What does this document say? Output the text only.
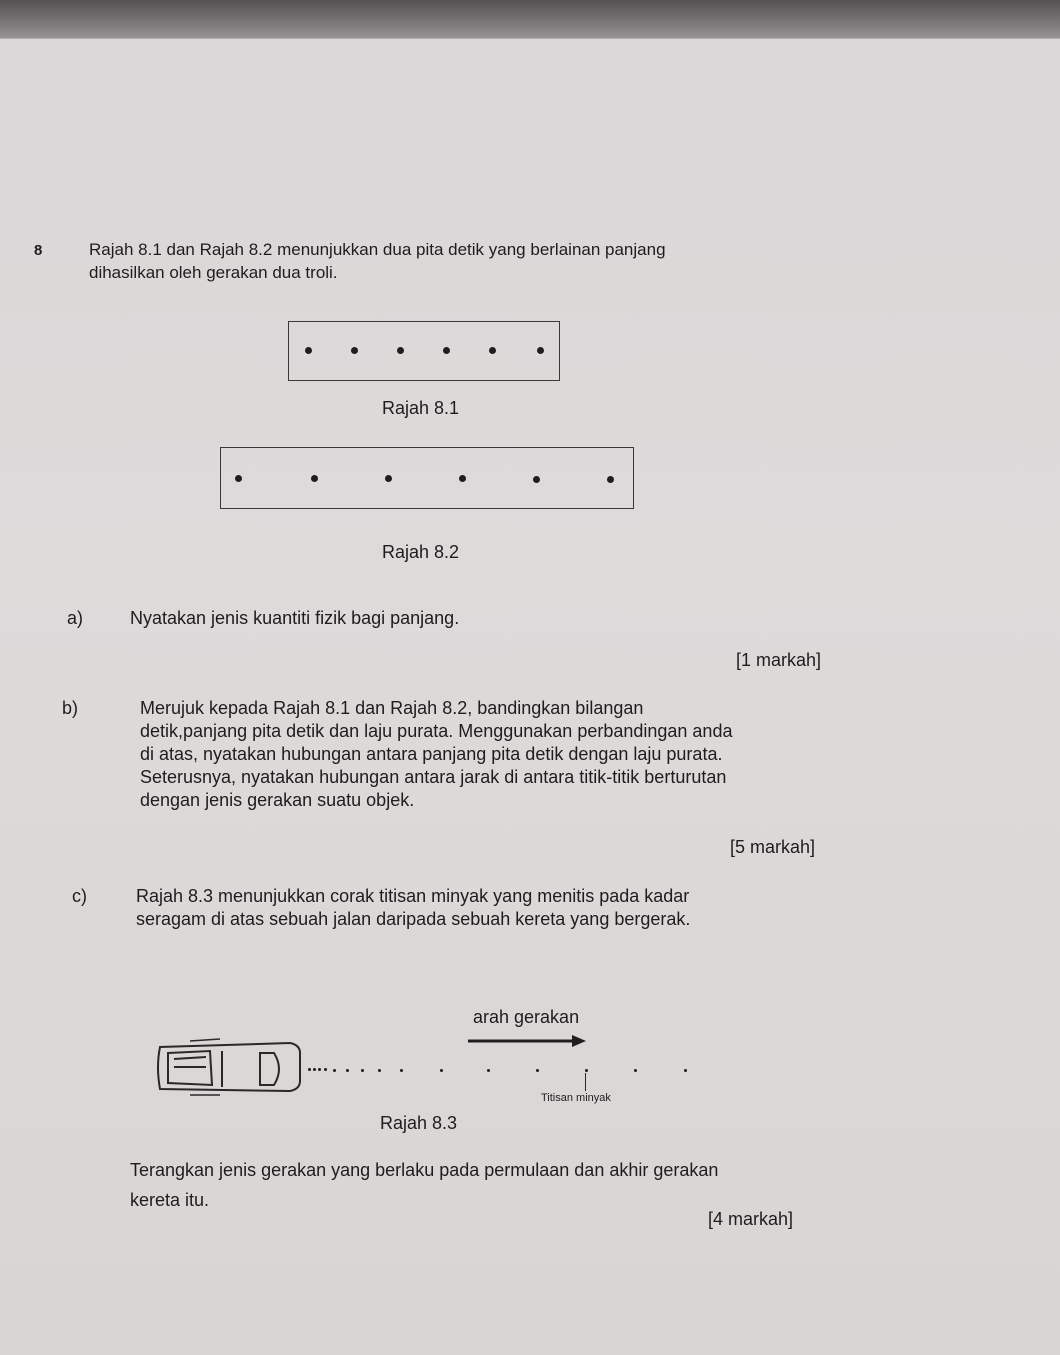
8	Rajah 8.1 dan Rajah 8.2 menunjukkan dua pita detik yang berlainan panjang
dihasilkan oleh gerakan dua troli.
Rajah 8.1
Rajah 8.2
a)	Nyatakan jenis kuantiti fizik bagi panjang.
[1 markah]
b)	Merujuk kepada Rajah 8.1 dan Rajah 8.2, bandingkan bilangan
detik,panjang pita detik dan laju purata. Menggunakan perbandingan anda
di atas, nyatakan hubungan antara panjang pita detik dengan laju purata.
Seterusnya, nyatakan hubungan antara jarak di antara titik-titik berturutan
dengan jenis gerakan suatu objek.
[5 markah]
c)	Rajah 8.3 menunjukkan corak titisan minyak yang menitis pada kadar
seragam di atas sebuah jalan daripada sebuah kereta yang bergerak.
arah gerakan
Titisan minyak
Rajah 8.3
Terangkan jenis gerakan yang berlaku pada permulaan dan akhir gerakan
kereta itu.
[4 markah]
